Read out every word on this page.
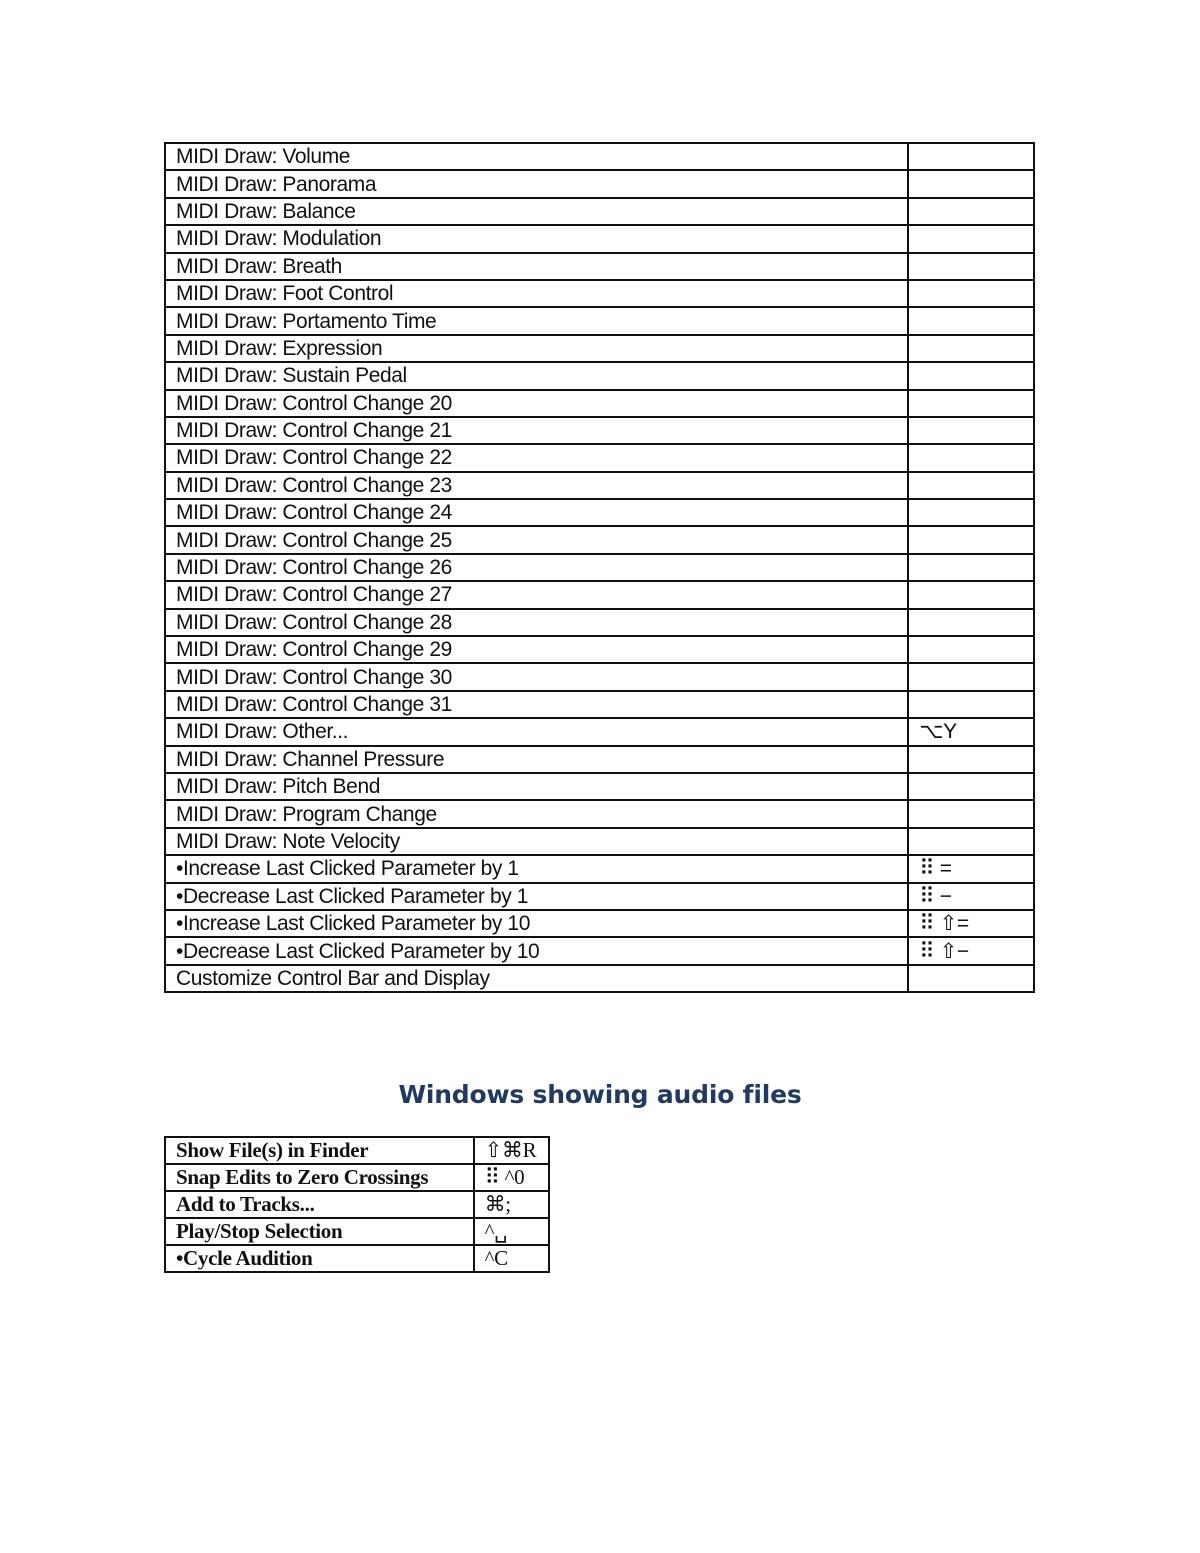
MIDI Draw: Volume	
MIDI Draw: Panorama	
MIDI Draw: Balance	
MIDI Draw: Modulation	
MIDI Draw: Breath	
MIDI Draw: Foot Control	
MIDI Draw: Portamento Time	
MIDI Draw: Expression	
MIDI Draw: Sustain Pedal	
MIDI Draw: Control Change 20	
MIDI Draw: Control Change 21	
MIDI Draw: Control Change 22	
MIDI Draw: Control Change 23	
MIDI Draw: Control Change 24	
MIDI Draw: Control Change 25	
MIDI Draw: Control Change 26	
MIDI Draw: Control Change 27	
MIDI Draw: Control Change 28	
MIDI Draw: Control Change 29	
MIDI Draw: Control Change 30	
MIDI Draw: Control Change 31	
MIDI Draw: Other...	⌥Y
MIDI Draw: Channel Pressure	
MIDI Draw: Pitch Bend	
MIDI Draw: Program Change	
MIDI Draw: Note Velocity	
•Increase Last Clicked Parameter by 1	⠿ =
•Decrease Last Clicked Parameter by 1	⠿ −
•Increase Last Clicked Parameter by 10	⠿ ⇧=
•Decrease Last Clicked Parameter by 10	⠿ ⇧−
Customize Control Bar and Display	
Windows showing audio files
Show File(s) in Finder	⇧⌘R
Snap Edits to Zero Crossings	⠿ ^0
Add to Tracks...	⌘;
Play/Stop Selection	^␣
•Cycle Audition	^C
